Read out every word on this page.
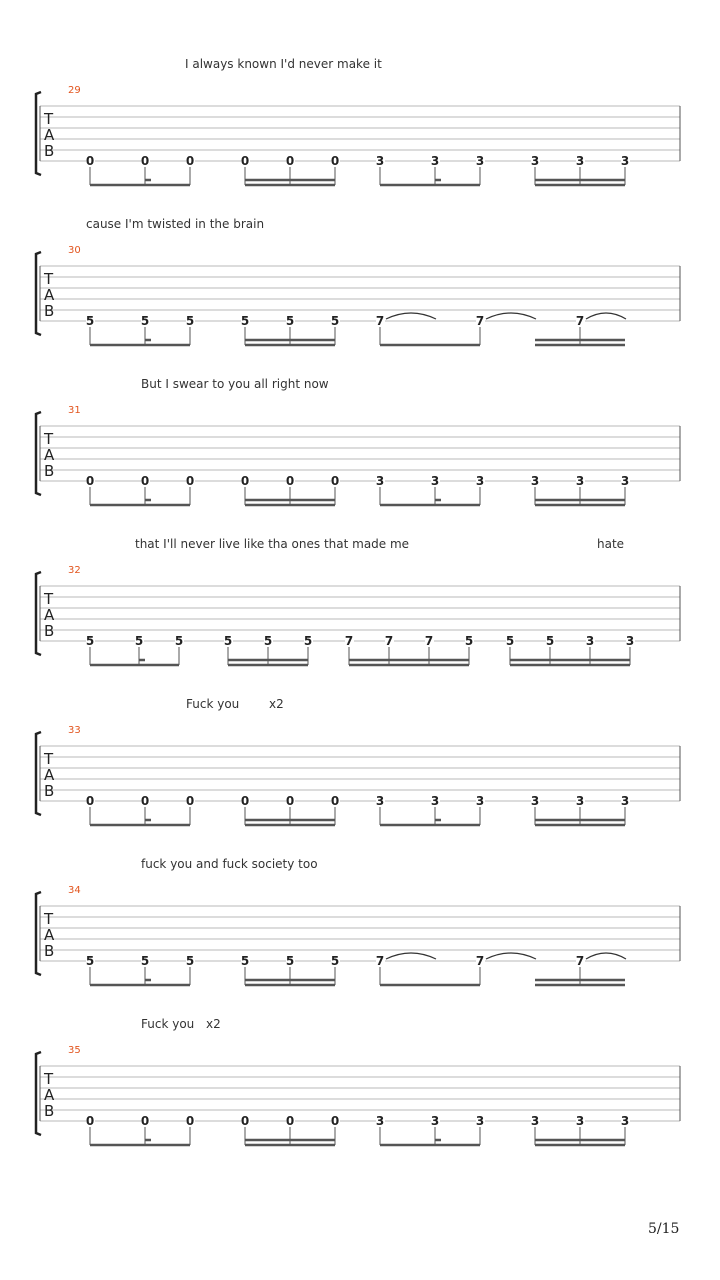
I always known I'd never make it
29
T
A
B
0	0	0	0	0	0	3	3	3	3	3	3
cause I'm twisted in the brain
30
T
A
B
5	5	5	5	5	5	7	7	7
But I swear to you all right now
31
T
A
B
0	0	0	0	0	0	3	3	3	3	3	3
that I'll never live like tha ones that made me	hate
32
T
A
B
5	5	5	5	5	5	7	7	7	5	5	5	3	3
Fuck you x2
33
T
A
B
0	0	0	0	0	0	3	3	3	3	3	3
fuck you and fuck society too
34
T
A
B
5	5	5	5	5	5	7	7	7
Fuck you x2
35
T
A
B
0	0	0	0	0	0	3	3	3	3	3	3
5/15
